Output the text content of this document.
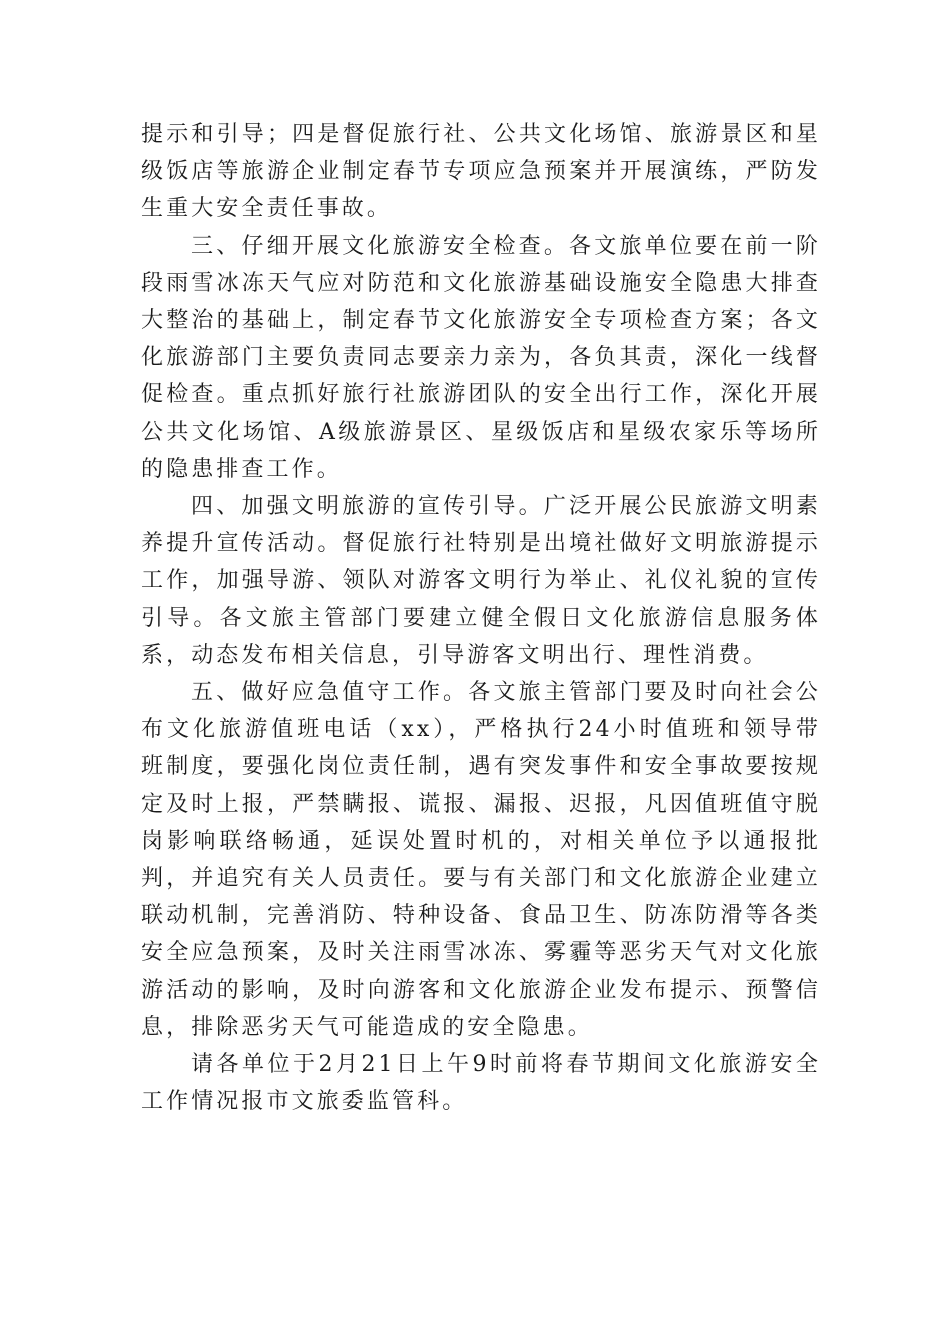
提示和引导；四是督促旅行社、公共文化场馆、旅游景区和星级饭店等旅游企业制定春节专项应急预案并开展演练，严防发生重大安全责任事故。

三、仔细开展文化旅游安全检查。各文旅单位要在前一阶段雨雪冰冻天气应对防范和文化旅游基础设施安全隐患大排查大整治的基础上，制定春节文化旅游安全专项检查方案；各文化旅游部门主要负责同志要亲力亲为，各负其责，深化一线督促检查。重点抓好旅行社旅游团队的安全出行工作，深化开展公共文化场馆、A级旅游景区、星级饭店和星级农家乐等场所的隐患排查工作。

四、加强文明旅游的宣传引导。广泛开展公民旅游文明素养提升宣传活动。督促旅行社特别是出境社做好文明旅游提示工作，加强导游、领队对游客文明行为举止、礼仪礼貌的宣传引导。各文旅主管部门要建立健全假日文化旅游信息服务体系，动态发布相关信息，引导游客文明出行、理性消费。

五、做好应急值守工作。各文旅主管部门要及时向社会公布文化旅游值班电话（xx），严格执行24小时值班和领导带班制度，要强化岗位责任制，遇有突发事件和安全事故要按规定及时上报，严禁瞒报、谎报、漏报、迟报，凡因值班值守脱岗影响联络畅通，延误处置时机的，对相关单位予以通报批判，并追究有关人员责任。要与有关部门和文化旅游企业建立联动机制，完善消防、特种设备、食品卫生、防冻防滑等各类安全应急预案，及时关注雨雪冰冻、雾霾等恶劣天气对文化旅游活动的影响，及时向游客和文化旅游企业发布提示、预警信息，排除恶劣天气可能造成的安全隐患。

请各单位于2月21日上午9时前将春节期间文化旅游安全工作情况报市文旅委监管科。
